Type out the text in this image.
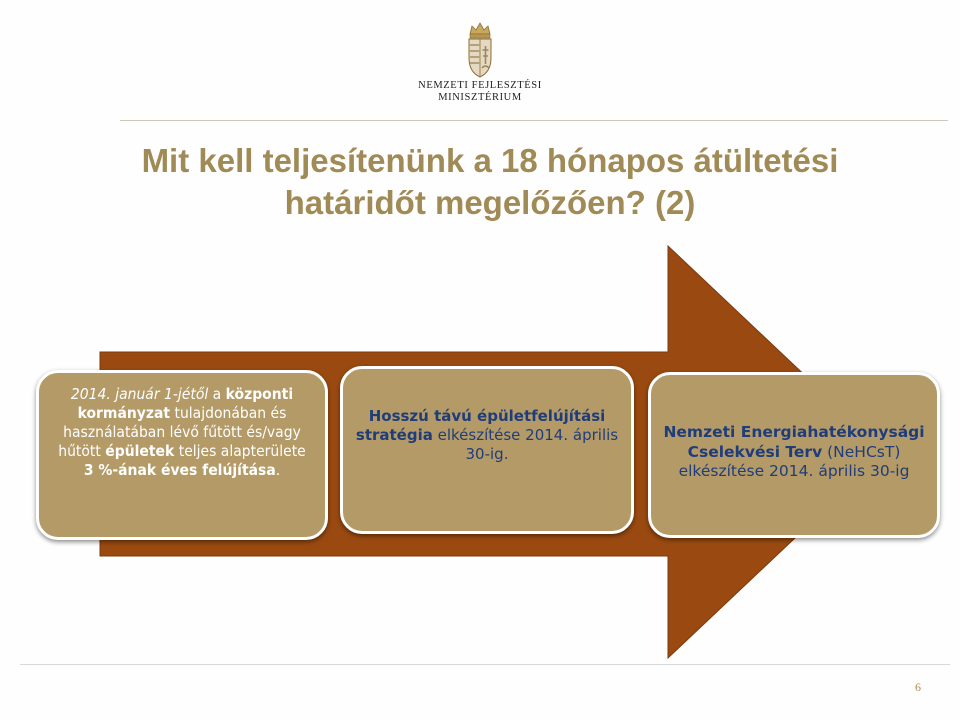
NEMZETI FEJLESZTÉSI
MINISZTÉRIUM
Mit kell teljesítenünk a 18 hónapos átültetési
határidőt megelőzően? (2)
2014. január 1-jétől a központi kormányzat tulajdonában és használatában lévő fűtött és/vagy hűtött épületek teljes alapterülete 3 %-ának éves felújítása.
Hosszú távú épületfelújítási stratégia elkészítése 2014. április 30-ig.
Nemzeti Energiahatékonysági Cselekvési Terv (NeHCsT) elkészítése 2014. április 30-ig
6
